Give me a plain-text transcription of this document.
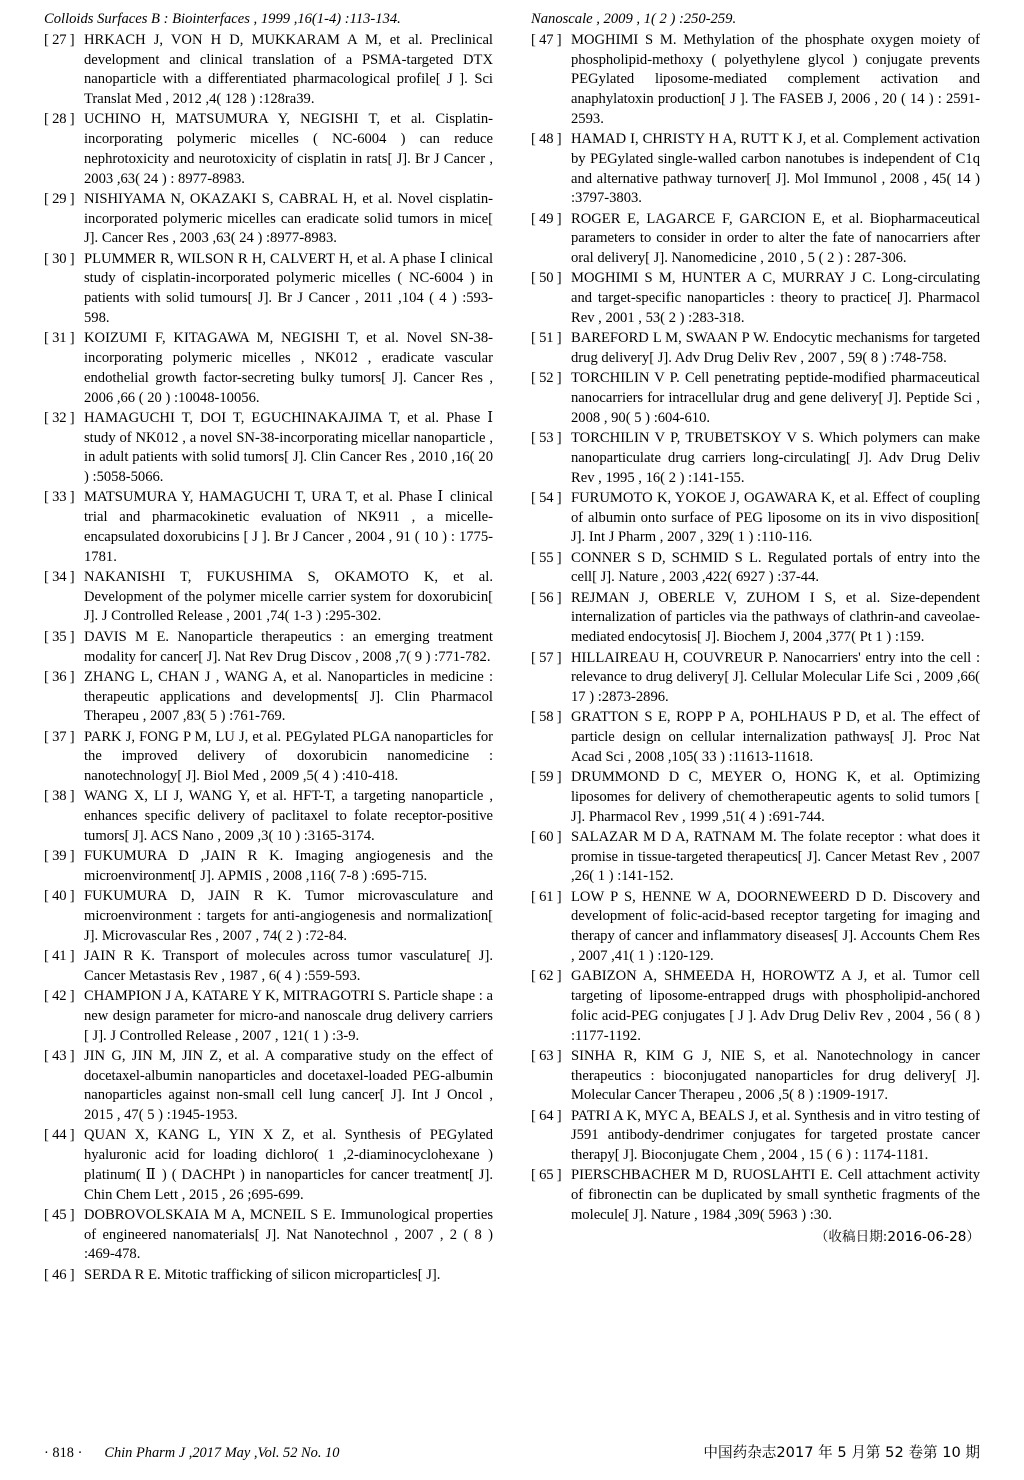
Colloids Surfaces B : Biointerfaces , 1999 ,16(1-4) :113-134.
[ 27 ] HRKACH J, VON H D, MUKKARAM A M, et al. Preclinical development and clinical translation of a PSMA-targeted DTX nanoparticle with a differentiated pharmacological profile[ J ]. Sci Translat Med , 2012 ,4( 128 ) :128ra39.
[ 28 ] UCHINO H, MATSUMURA Y, NEGISHI T, et al. Cisplatin-incorporating polymeric micelles ( NC-6004 ) can reduce nephrotoxicity and neurotoxicity of cisplatin in rats[ J]. Br J Cancer , 2003 ,63( 24 ) : 8977-8983.
[ 29 ] NISHIYAMA N, OKAZAKI S, CABRAL H, et al. Novel cisplatin-incorporated polymeric micelles can eradicate solid tumors in mice[ J]. Cancer Res , 2003 ,63( 24 ) :8977-8983.
[ 30 ] PLUMMER R, WILSON R H, CALVERT H, et al. A phase Ⅰ clinical study of cisplatin-incorporated polymeric micelles ( NC-6004 ) in patients with solid tumours[ J]. Br J Cancer , 2011 ,104 ( 4 ) :593-598.
[ 31 ] KOIZUMI F, KITAGAWA M, NEGISHI T, et al. Novel SN-38-incorporating polymeric micelles , NK012 , eradicate vascular endothelial growth factor-secreting bulky tumors[ J]. Cancer Res , 2006 ,66 ( 20 ) :10048-10056.
[ 32 ] HAMAGUCHI T, DOI T, EGUCHINAKAJIMA T, et al. Phase Ⅰ study of NK012 , a novel SN-38-incorporating micellar nanoparticle , in adult patients with solid tumors[ J]. Clin Cancer Res , 2010 ,16( 20 ) :5058-5066.
[ 33 ] MATSUMURA Y, HAMAGUCHI T, URA T, et al. Phase Ⅰ clinical trial and pharmacokinetic evaluation of NK911 , a micelle-encapsulated doxorubicins [ J ]. Br J Cancer , 2004 , 91 ( 10 ) : 1775-1781.
[ 34 ] NAKANISHI T, FUKUSHIMA S, OKAMOTO K, et al. Development of the polymer micelle carrier system for doxorubicin[ J]. J Controlled Release , 2001 ,74( 1-3 ) :295-302.
[ 35 ] DAVIS M E. Nanoparticle therapeutics : an emerging treatment modality for cancer[ J]. Nat Rev Drug Discov , 2008 ,7( 9 ) :771-782.
[ 36 ] ZHANG L, CHAN J , WANG A, et al. Nanoparticles in medicine : therapeutic applications and developments[ J]. Clin Pharmacol Therapeu , 2007 ,83( 5 ) :761-769.
[ 37 ] PARK J, FONG P M, LU J, et al. PEGylated PLGA nanoparticles for the improved delivery of doxorubicin nanomedicine : nanotechnology[ J]. Biol Med , 2009 ,5( 4 ) :410-418.
[ 38 ] WANG X, LI J, WANG Y, et al. HFT-T, a targeting nanoparticle , enhances specific delivery of paclitaxel to folate receptor-positive tumors[ J]. ACS Nano , 2009 ,3( 10 ) :3165-3174.
[ 39 ] FUKUMURA D ,JAIN R K. Imaging angiogenesis and the microenvironment[ J]. APMIS , 2008 ,116( 7-8 ) :695-715.
[ 40 ] FUKUMURA D, JAIN R K. Tumor microvasculature and microenvironment : targets for anti-angiogenesis and normalization[ J]. Microvascular Res , 2007 , 74( 2 ) :72-84.
[ 41 ] JAIN R K. Transport of molecules across tumor vasculature[ J]. Cancer Metastasis Rev , 1987 , 6( 4 ) :559-593.
[ 42 ] CHAMPION J A, KATARE Y K, MITRAGOTRI S. Particle shape : a new design parameter for micro-and nanoscale drug delivery carriers [ J]. J Controlled Release , 2007 , 121( 1 ) :3-9.
[ 43 ] JIN G, JIN M, JIN Z, et al. A comparative study on the effect of docetaxel-albumin nanoparticles and docetaxel-loaded PEG-albumin nanoparticles against non-small cell lung cancer[ J]. Int J Oncol , 2015 , 47( 5 ) :1945-1953.
[ 44 ] QUAN X, KANG L, YIN X Z, et al. Synthesis of PEGylated hyaluronic acid for loading dichloro( 1 ,2-diaminocyclohexane ) platinum( Ⅱ ) ( DACHPt ) in nanoparticles for cancer treatment[ J]. Chin Chem Lett , 2015 , 26 ;695-699.
[ 45 ] DOBROVOLSKAIA M A, MCNEIL S E. Immunological properties of engineered nanomaterials[ J]. Nat Nanotechnol , 2007 , 2 ( 8 ) :469-478.
[ 46 ] SERDA R E. Mitotic trafficking of silicon microparticles[ J].
Nanoscale , 2009 , 1( 2 ) :250-259.
[ 47 ] MOGHIMI S M. Methylation of the phosphate oxygen moiety of phospholipid-methoxy ( polyethylene glycol ) conjugate prevents PEGylated liposome-mediated complement activation and anaphylatoxin production[ J ]. The FASEB J, 2006 , 20 ( 14 ) : 2591-2593.
[ 48 ] HAMAD I, CHRISTY H A, RUTT K J, et al. Complement activation by PEGylated single-walled carbon nanotubes is independent of C1q and alternative pathway turnover[ J]. Mol Immunol , 2008 , 45( 14 ) :3797-3803.
[ 49 ] ROGER E, LAGARCE F, GARCION E, et al. Biopharmaceutical parameters to consider in order to alter the fate of nanocarriers after oral delivery[ J]. Nanomedicine , 2010 , 5 ( 2 ) : 287-306.
[ 50 ] MOGHIMI S M, HUNTER A C, MURRAY J C. Long-circulating and target-specific nanoparticles : theory to practice[ J]. Pharmacol Rev , 2001 , 53( 2 ) :283-318.
[ 51 ] BAREFORD L M, SWAAN P W. Endocytic mechanisms for targeted drug delivery[ J]. Adv Drug Deliv Rev , 2007 , 59( 8 ) :748-758.
[ 52 ] TORCHILIN V P. Cell penetrating peptide-modified pharmaceutical nanocarriers for intracellular drug and gene delivery[ J]. Peptide Sci , 2008 , 90( 5 ) :604-610.
[ 53 ] TORCHILIN V P, TRUBETSKOY V S. Which polymers can make nanoparticulate drug carriers long-circulating[ J]. Adv Drug Deliv Rev , 1995 , 16( 2 ) :141-155.
[ 54 ] FURUMOTO K, YOKOE J, OGAWARA K, et al. Effect of coupling of albumin onto surface of PEG liposome on its in vivo disposition[ J]. Int J Pharm , 2007 , 329( 1 ) :110-116.
[ 55 ] CONNER S D, SCHMID S L. Regulated portals of entry into the cell[ J]. Nature , 2003 ,422( 6927 ) :37-44.
[ 56 ] REJMAN J, OBERLE V, ZUHOM I S, et al. Size-dependent internalization of particles via the pathways of clathrin-and caveolae-mediated endocytosis[ J]. Biochem J, 2004 ,377( Pt 1 ) :159.
[ 57 ] HILLAIREAU H, COUVREUR P. Nanocarriers' entry into the cell : relevance to drug delivery[ J]. Cellular Molecular Life Sci , 2009 ,66( 17 ) :2873-2896.
[ 58 ] GRATTON S E, ROPP P A, POHLHAUS P D, et al. The effect of particle design on cellular internalization pathways[ J]. Proc Nat Acad Sci , 2008 ,105( 33 ) :11613-11618.
[ 59 ] DRUMMOND D C, MEYER O, HONG K, et al. Optimizing liposomes for delivery of chemotherapeutic agents to solid tumors [ J]. Pharmacol Rev , 1999 ,51( 4 ) :691-744.
[ 60 ] SALAZAR M D A, RATNAM M. The folate receptor : what does it promise in tissue-targeted therapeutics[ J]. Cancer Metast Rev , 2007 ,26( 1 ) :141-152.
[ 61 ] LOW P S, HENNE W A, DOORNEWEERD D D. Discovery and development of folic-acid-based receptor targeting for imaging and therapy of cancer and inflammatory diseases[ J]. Accounts Chem Res , 2007 ,41( 1 ) :120-129.
[ 62 ] GABIZON A, SHMEEDA H, HOROWTZ A J, et al. Tumor cell targeting of liposome-entrapped drugs with phospholipid-anchored folic acid-PEG conjugates [ J ]. Adv Drug Deliv Rev , 2004 , 56 ( 8 ) :1177-1192.
[ 63 ] SINHA R, KIM G J, NIE S, et al. Nanotechnology in cancer therapeutics : bioconjugated nanoparticles for drug delivery[ J]. Molecular Cancer Therapeu , 2006 ,5( 8 ) :1909-1917.
[ 64 ] PATRI A K, MYC A, BEALS J, et al. Synthesis and in vitro testing of J591 antibody-dendrimer conjugates for targeted prostate cancer therapy[ J]. Bioconjugate Chem , 2004 , 15 ( 6 ) : 1174-1181.
[ 65 ] PIERSCHBACHER M D, RUOSLAHTI E. Cell attachment activity of fibronectin can be duplicated by small synthetic fragments of the molecule[ J]. Nature , 1984 ,309( 5963 ) :30.
（收稿日期:2016-06-28）
· 818 · Chin Pharm J ,2017 May ,Vol. 52 No. 10	中国药杂志2017 年 5 月第 52 卷第 10 期
